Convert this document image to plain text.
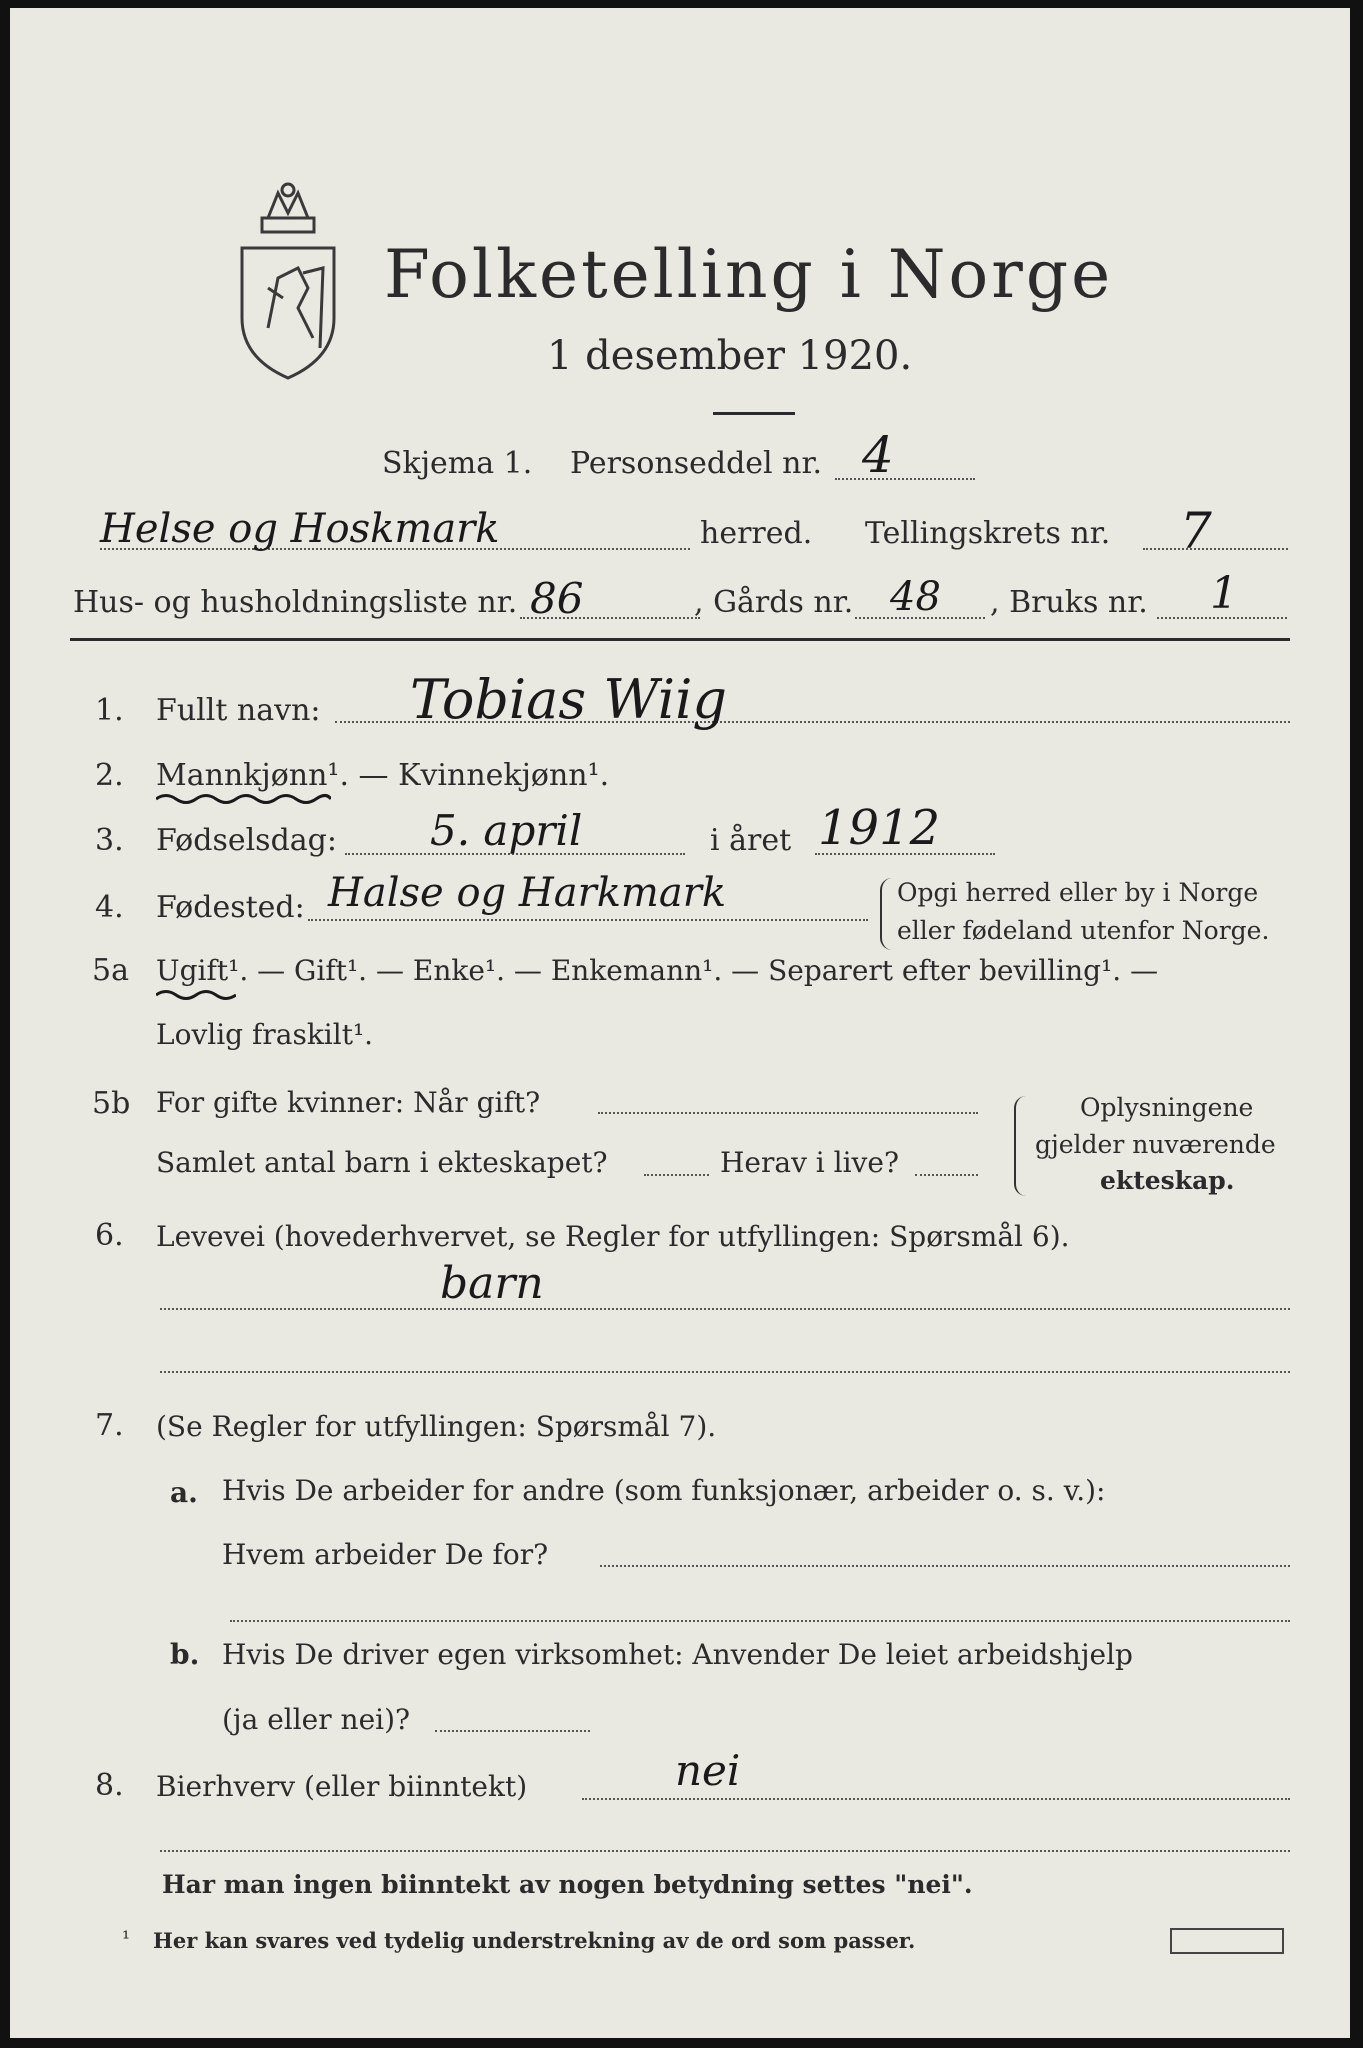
Folketelling i Norge
1 desember 1920.
Skjema 1. Personseddel nr. 4
Helse og Hoskmark	herred. Tellingskrets nr. 7
Hus- og husholdningsliste nr. 86	, Gårds nr. 48 , Bruks nr. 1
1. Fullt navn: Tobias Wiig
2. Mannkjønn¹. — Kvinnekjønn¹.
3. Fødselsdag: 5. april	i året 1912
4. Fødested: Halse og Harkmark	Opgi herred eller by i Norge
eller fødeland utenfor Norge.
5a Ugift¹. — Gift¹. — Enke¹. — Enkemann¹. — Separert efter bevilling¹. —
Lovlig fraskilt¹.
5b For gifte kvinner: Når gift?
Samlet antal barn i ekteskapet?	Herav i live?
Oplysningene
gjelder nuværende
ekteskap.
6. Levevei (hovederhvervet, se Regler for utfyllingen: Spørsmål 6).
barn
7. (Se Regler for utfyllingen: Spørsmål 7).
a. Hvis De arbeider for andre (som funksjonær, arbeider o. s. v.):
Hvem arbeider De for?
b. Hvis De driver egen virksomhet: Anvender De leiet arbeidshjelp
(ja eller nei)?
8. Bierhverv (eller biinntekt)	nei
Har man ingen biinntekt av nogen betydning settes "nei".
¹ Her kan svares ved tydelig understrekning av de ord som passer.
